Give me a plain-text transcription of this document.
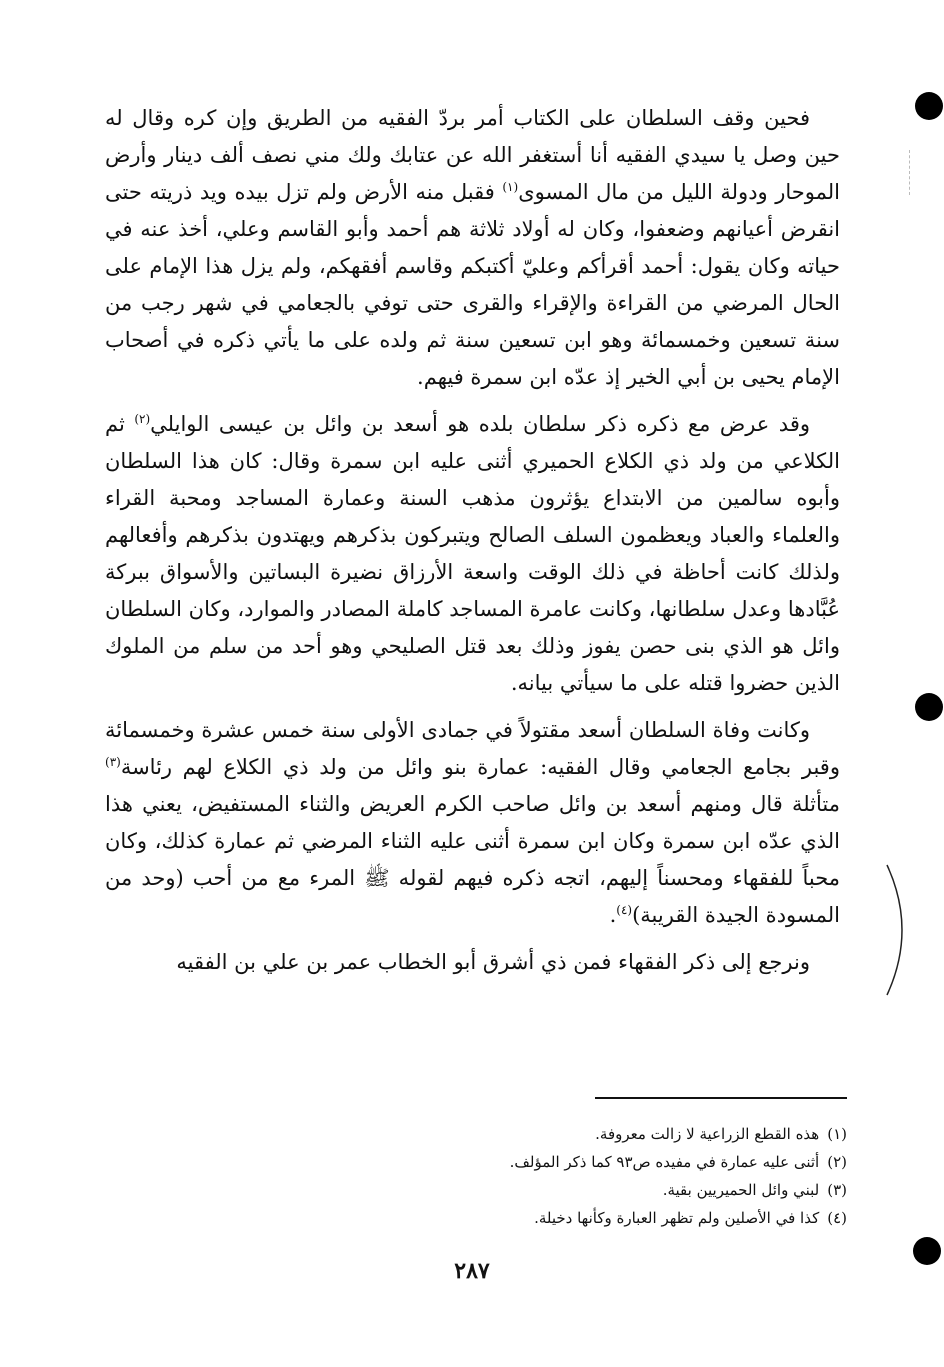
فحين وقف السلطان على الكتاب أمر بردّ الفقيه من الطريق وإن كره وقال له حين وصل يا سيدي الفقيه أنا أستغفر الله عن عتابك ولك مني نصف ألف دينار وأرض الموحار ودولة الليل من مال المسوى$^{(١)}$ فقبل منه الأرض ولم تزل بيده ويد ذريته حتى انقرض أعيانهم وضعفوا، وكان له أولاد ثلاثة هم أحمد وأبو القاسم وعلي، أخذ عنه في حياته وكان يقول: أحمد أقرأكم وعليّ أكتبكم وقاسم أفقهكم، ولم يزل هذا الإمام على الحال المرضي من القراءة والإقراء والقرى حتى توفي بالجعامي في شهر رجب من سنة تسعين وخمسمائة وهو ابن تسعين سنة ثم ولده على ما يأتي ذكره في أصحاب الإمام يحيى بن أبي الخير إذ عدّه ابن سمرة فيهم.

وقد عرض مع ذكره ذكر سلطان بلده هو أسعد بن وائل بن عيسى الوايلي$^{(٢)}$ ثم الكلاعي من ولد ذي الكلاع الحميري أثنى عليه ابن سمرة وقال: كان هذا السلطان وأبوه سالمين من الابتداع يؤثرون مذهب السنة وعمارة المساجد ومحبة القراء والعلماء والعباد ويعظمون السلف الصالح ويتبركون بذكرهم ويهتدون بذكرهم وأفعالهم ولذلك كانت أحاظة في ذلك الوقت واسعة الأرزاق نضيرة البساتين والأسواق ببركة عُبَّادها وعدل سلطانها، وكانت عامرة المساجد كاملة المصادر والموارد، وكان السلطان وائل هو الذي بنى حصن يفوز وذلك بعد قتل الصليحي وهو أحد من سلم من الملوك الذين حضروا قتله على ما سيأتي بيانه.

وكانت وفاة السلطان أسعد مقتولاً في جمادى الأولى سنة خمس عشرة وخمسمائة وقبر بجامع الجعامي وقال الفقيه: عمارة بنو وائل من ولد ذي الكلاع لهم رئاسة$^{(٣)}$ متأثلة قال ومنهم أسعد بن وائل صاحب الكرم العريض والثناء المستفيض، يعني هذا الذي عدّه ابن سمرة وكان ابن سمرة أثنى عليه الثناء المرضي ثم عمارة كذلك، وكان محباً للفقهاء ومحسناً إليهم، اتجه ذكره فيهم لقوله ﷺ المرء مع من أحب (وحد من المسودة الجيدة القريبة)$^{(٤)}$.

ونرجع إلى ذكر الفقهاء فمن ذي أشرق أبو الخطاب عمر بن علي بن الفقيه

(١)هذه القطع الزراعية لا زالت معروفة.
(٢)أثنى عليه عمارة في مفيده ص٩٣ كما ذكر المؤلف.
(٣)لبني وائل الحميريين بقية.
(٤)كذا في الأصلين ولم تظهر العبارة وكأنها دخيلة.
٢٨٧
